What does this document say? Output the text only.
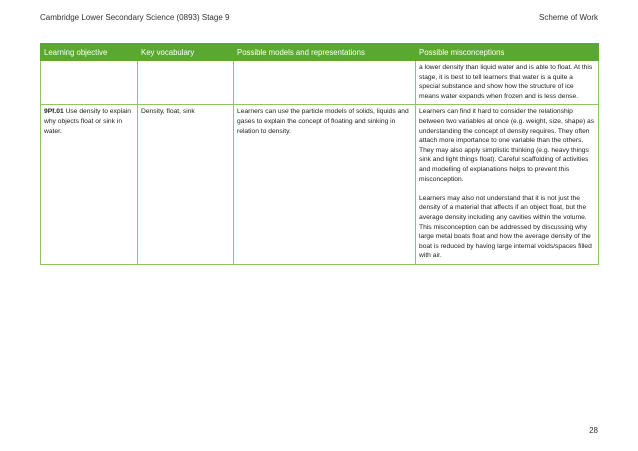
Cambridge Lower Secondary Science (0893) Stage 9	Scheme of Work
Learning objective	Key vocabulary	Possible models and representations	Possible misconceptions

			a lower density than liquid water and is able to float. At this stage, it is best to tell learners that water is a quite a special substance and show how the structure of ice means water expands when frozen and is less dense.

9Pf.01 Use density to explain why objects float or sink in water.	Density, float, sink	Learners can use the particle models of solids, liquids and gases to explain the concept of floating and sinking in relation to density.	Learners can find it hard to consider the relationship between two variables at once (e.g. weight, size, shape) as understanding the concept of density requires. They often attach more importance to one variable than the others. They may also apply simplistic thinking (e.g. heavy things sink and light things float). Careful scaffolding of activities and modelling of explanations helps to prevent this misconception.

Learners may also not understand that it is not just the density of a material that affects if an object float, but the average density including any cavities within the volume. This misconception can be addressed by discussing why large metal boats float and how the average density of the boat is reduced by having large internal voids/spaces filled with air.

28
